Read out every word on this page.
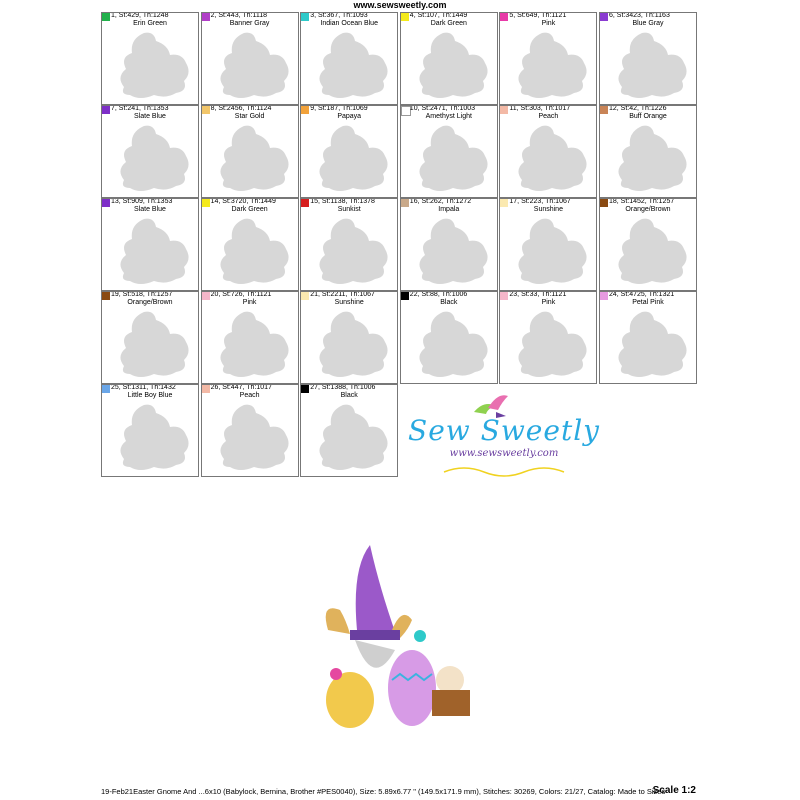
www.sewsweetly.com
1, St:429, Th:1248
Erin Green
2, St:443, Th:1118
Banner Gray
3, St:367, Th:1093
Indian Ocean Blue
4, St:107, Th:1449
Dark Green
5, St:649, Th:1121
Pink
6, St:3423, Th:1163
Blue Gray
7, St:241, Th:1353
Slate Blue
8, St:2456, Th:1124
Star Gold
9, St:187, Th:1069
Papaya
10, St:2471, Th:1003
Amethyst Light
11, St:303, Th:1017
Peach
12, St:42, Th:1226
Buff Orange
13, St:909, Th:1353
Slate Blue
14, St:3720, Th:1449
Dark Green
15, St:1138, Th:1378
Sunkist
16, St:262, Th:1272
Impala
17, St:223, Th:1067
Sunshine
18, St:1452, Th:1257
Orange/Brown
19, St:518, Th:1257
Orange/Brown
20, St:726, Th:1121
Pink
21, St:2211, Th:1067
Sunshine
22, St:88, Th:1006
Black
23, St:33, Th:1121
Pink
24, St:4725, Th:1321
Petal Pink
25, St:1311, Th:1432
Little Boy Blue
26, St:447, Th:1017
Peach
27, St:1388, Th:1006
Black
Sew Sweetly
www.sewsweetly.com
19-Feb21Easter Gnome And ...6x10 (Babylock, Bernina, Brother #PES0040), Size: 5.89x6.77 " (149.5x171.9 mm), Stitches: 30269, Colors: 21/27, Catalog: Made to Sizes
Scale 1:2
